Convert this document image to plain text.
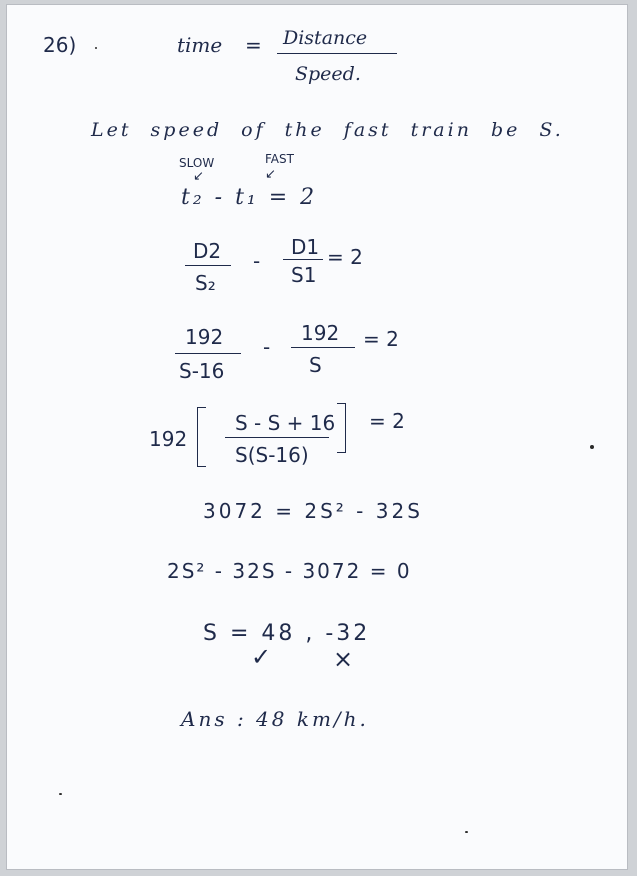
26)	time = Distance
Speed.
Let speed of the fast train be S.
SLOW	FAST
↙	↙
t₂ - t₁ = 2
D2
S₂
-
D1
S1
= 2
192
S-16
-
192
S
= 2
192
S - S + 16
S(S-16)
= 2
3072 = 2S² - 32S
2S² - 32S - 3072 = 0
S = 48 , -32
✓	×
Ans : 48 km/h.
